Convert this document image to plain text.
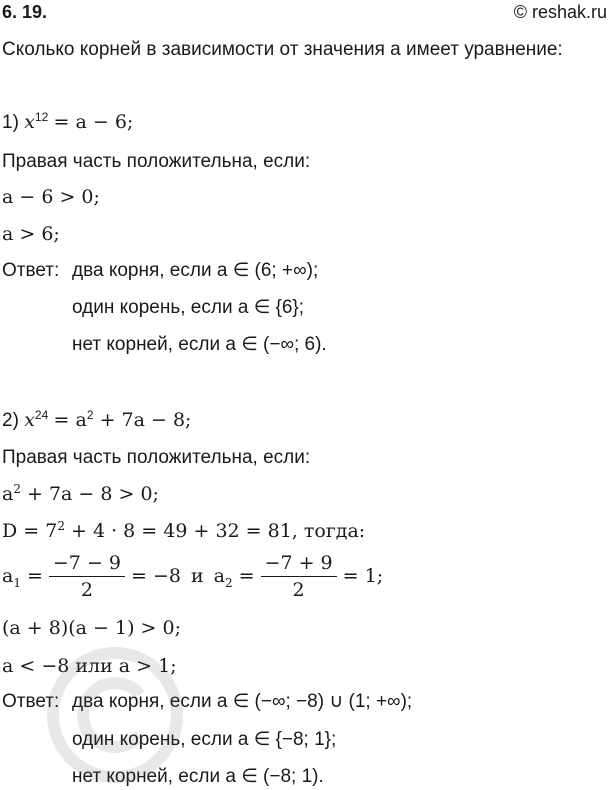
6. 19.	© reshak.ru
Сколько корней в зависимости от значения a имеет уравнение:
1) $x^{12} = a - 6$;
Правая часть положительна, если:
a − 6 > 0;
a > 6;
Ответ: два корня, если a ∈ (6; +∞);
один корень, если a ∈ {6};
нет корней, если a ∈ (−∞; 6).
2) $x^{24} = a^2 + 7a - 8$;
Правая часть положительна, если:
$a^2 + 7a - 8 > 0$;
$D = 7^2 + 4 \cdot 8 = 49 + 32 = 81$, тогда:
$a_1 = \frac{-7 - 9}{2} = -8$ и $a_2 = \frac{-7 + 9}{2} = 1$;
(a + 8)(a − 1) > 0;
a < −8 или a > 1;
Ответ: два корня, если a ∈ (−∞; −8) ∪ (1; +∞);
один корень, если a ∈ {−8; 1};
нет корней, если a ∈ (−8; 1).
